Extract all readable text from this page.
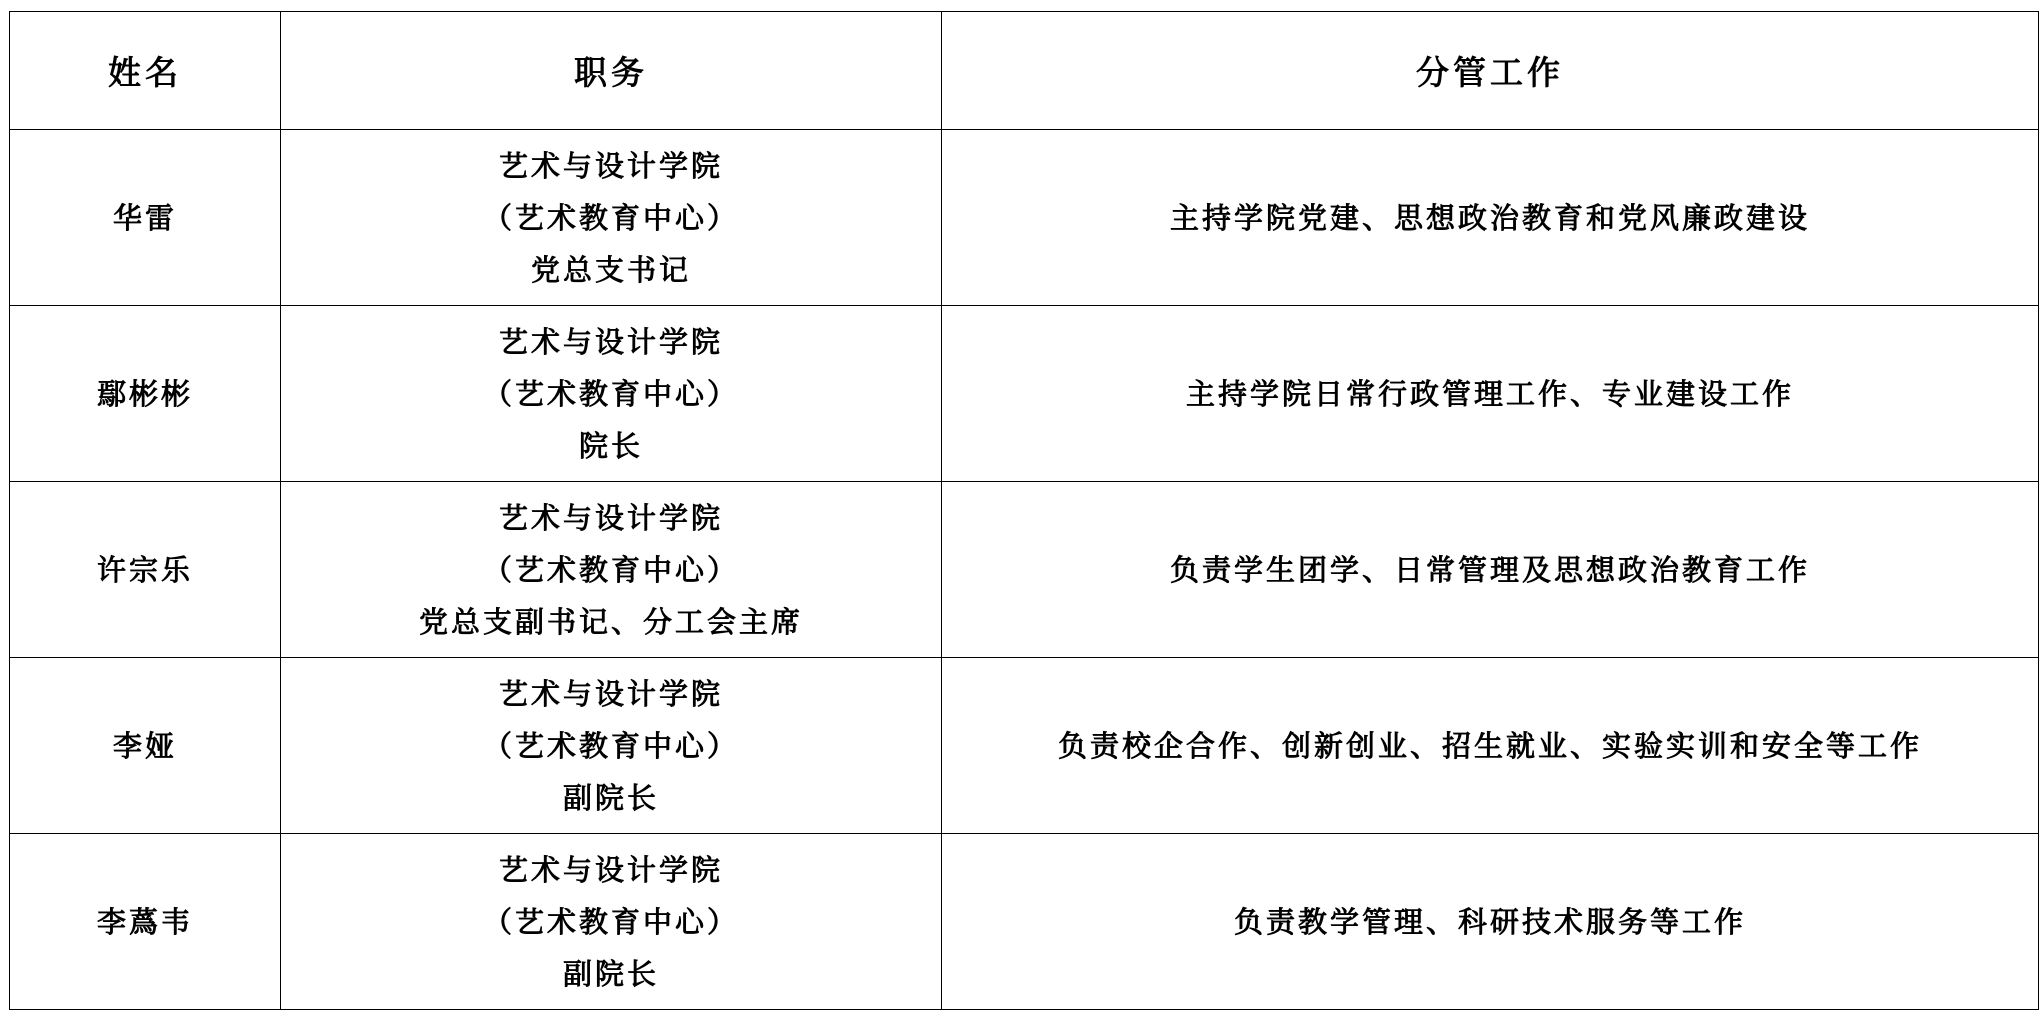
姓名	职务	分管工作
华雷	艺术与设计学院
（艺术教育中心）
党总支书记	主持学院党建、思想政治教育和党风廉政建设
鄢彬彬	艺术与设计学院
（艺术教育中心）
院长	主持学院日常行政管理工作、专业建设工作
许宗乐	艺术与设计学院
（艺术教育中心）
党总支副书记、分工会主席	负责学生团学、日常管理及思想政治教育工作
李娅	艺术与设计学院
（艺术教育中心）
副院长	负责校企合作、创新创业、招生就业、实验实训和安全等工作
李蔿韦	艺术与设计学院
（艺术教育中心）
副院长	负责教学管理、科研技术服务等工作
